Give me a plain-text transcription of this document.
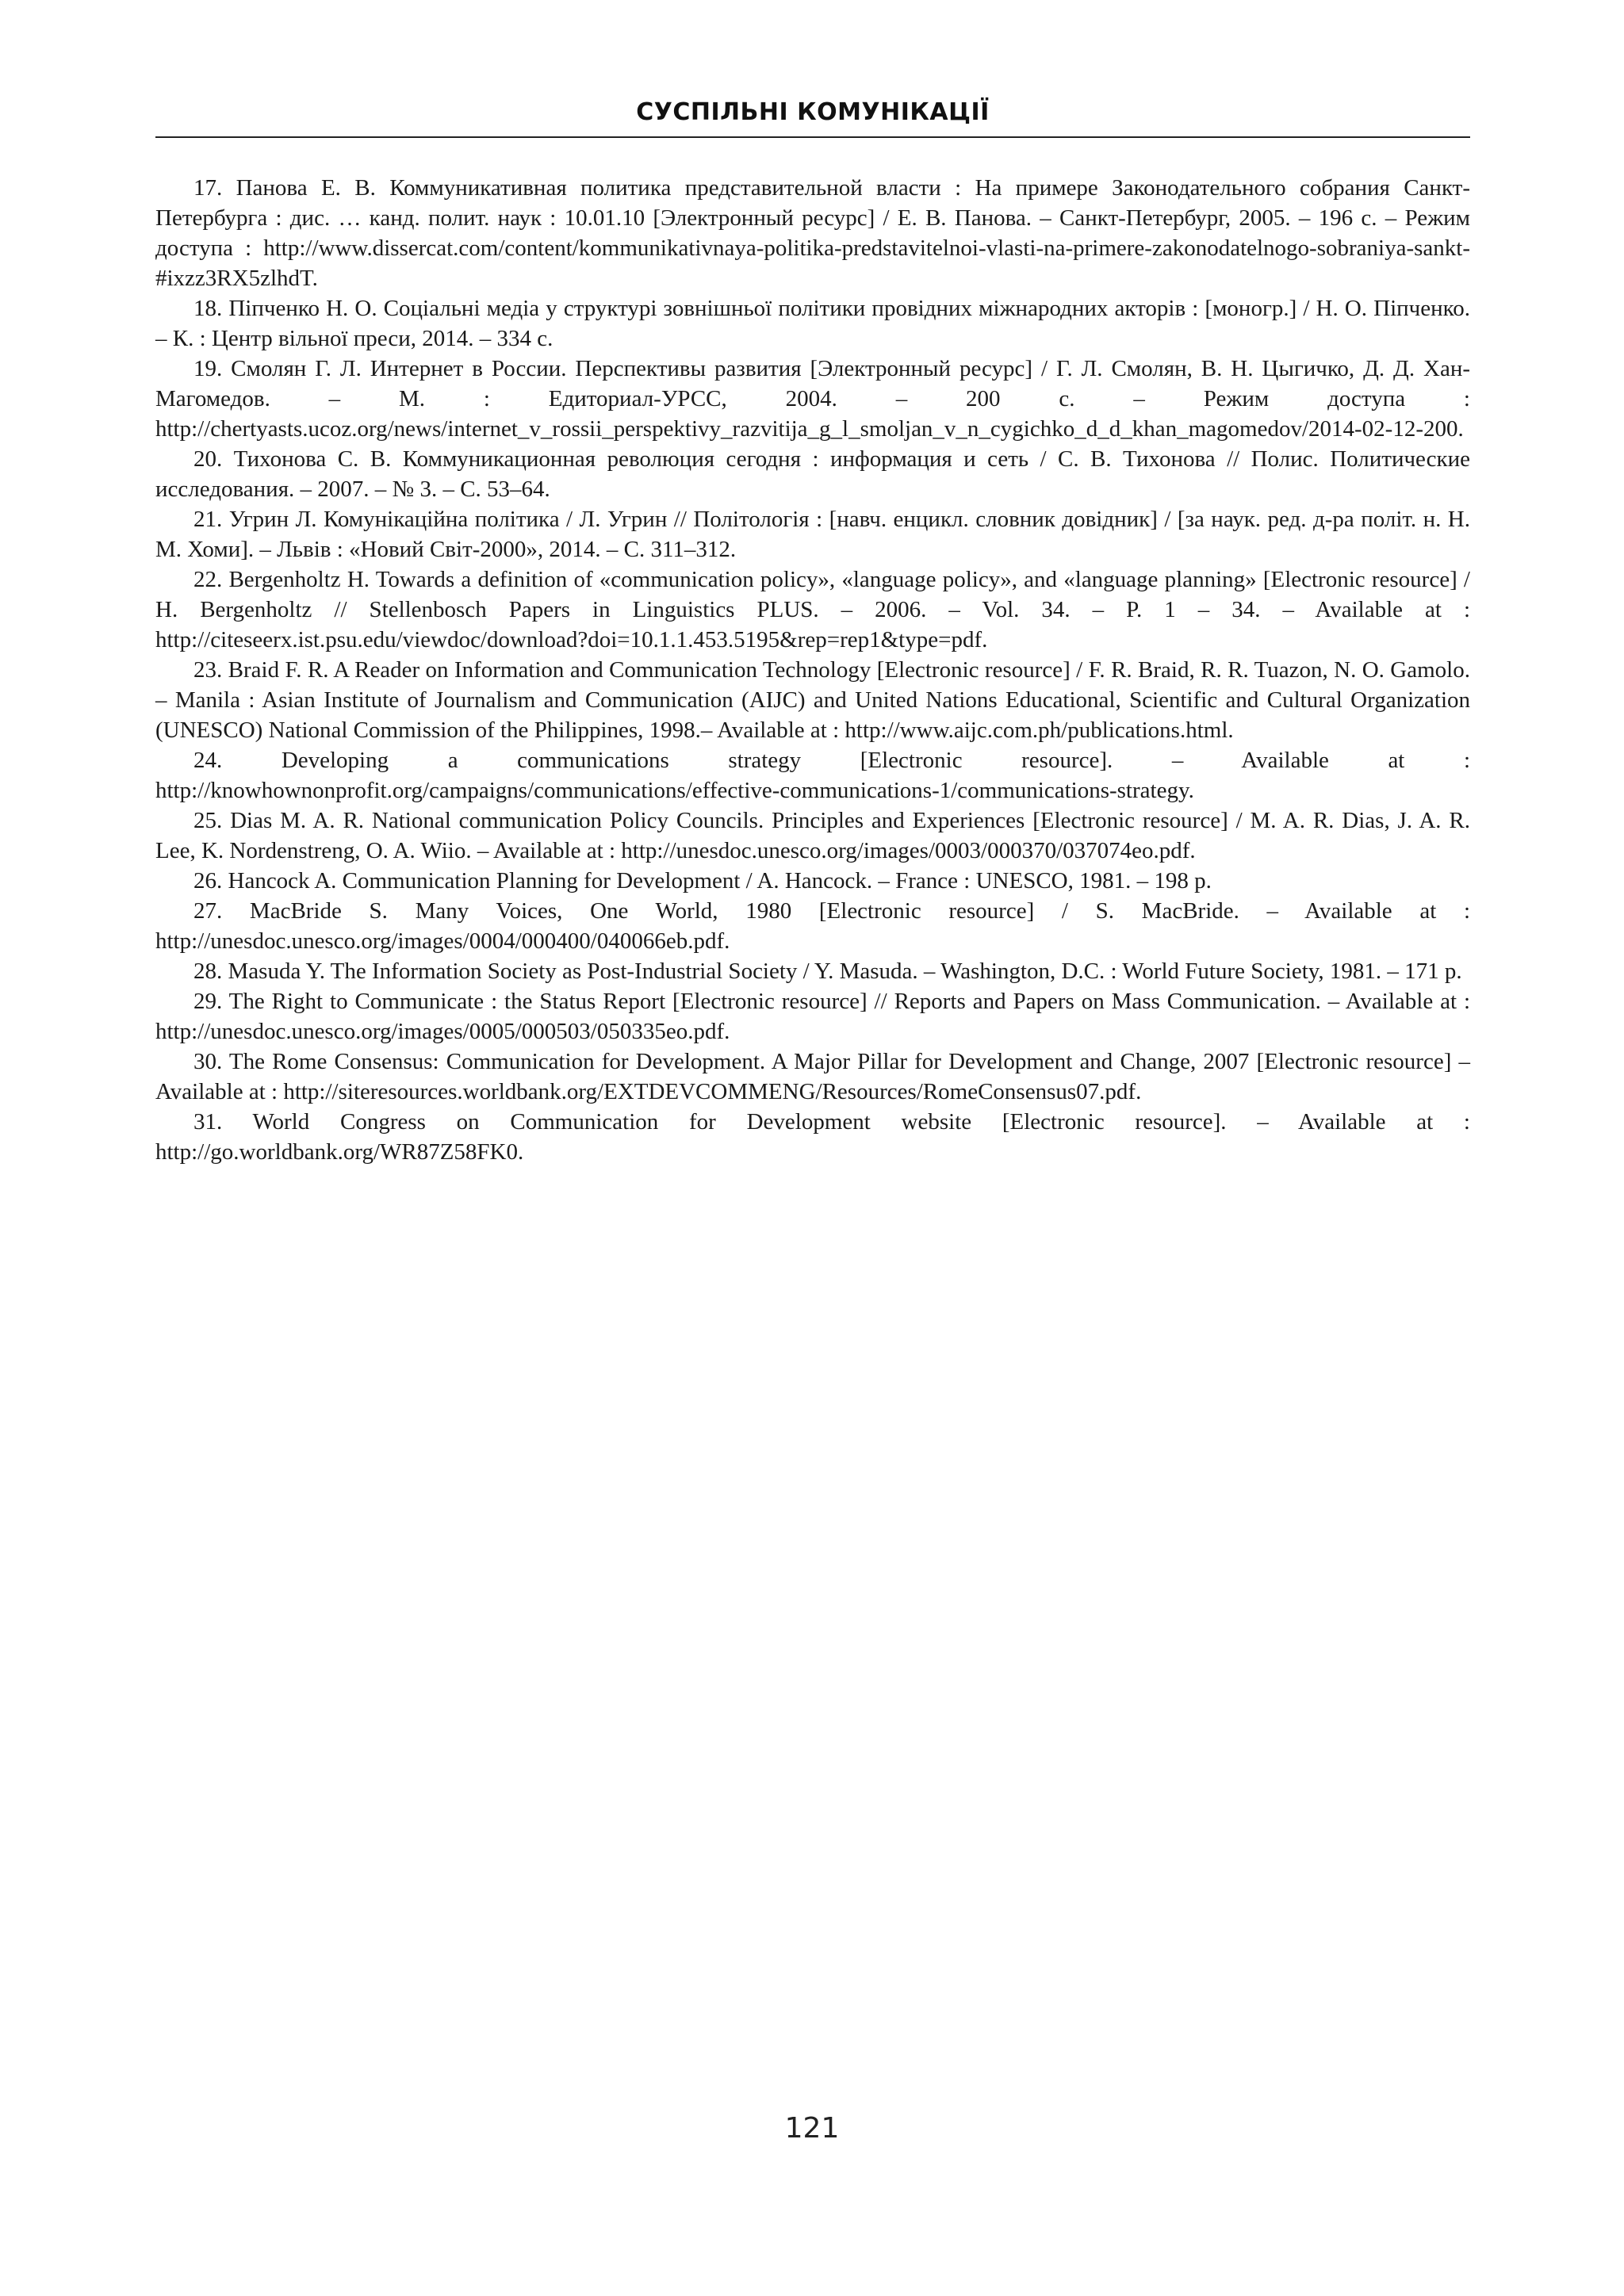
СУСПІЛЬНІ КОМУНІКАЦІЇ

17. Панова Е. В. Коммуникативная политика представительной власти : На примере Законодательного собрания Санкт-Петербурга : дис. … канд. полит. наук : 10.01.10 [Электронный ресурс] / Е. В. Панова. – Санкт-Петербург, 2005. – 196 с. – Режим доступа : http://www.dissercat.com/content/kommunikativnaya-politika-predstavitelnoi-vlasti-na-primere-zakonodatelnogo-sobraniya-sankt-#ixzz3RX5zlhdT.

18. Піпченко Н. О. Соціальні медіа у структурі зовнішньої політики провідних міжнародних акторів : [моногр.] / Н. О. Піпченко. – К. : Центр вільної преси, 2014. – 334 с.

19. Смолян Г. Л. Интернет в России. Перспективы развития [Электронный ресурс] / Г. Л. Смолян, В. Н. Цыгичко, Д. Д. Хан-Магомедов. – М. : Едиториал-УРСС, 2004. – 200 с. – Режим доступа : http://chertyasts.ucoz.org/news/internet_v_rossii_perspektivy_razvitija_g_l_smoljan_v_n_cygichko_d_d_khan_magomedov/2014-02-12-200.

20. Тихонова С. В. Коммуникационная революция сегодня : информация и сеть / С. В. Тихонова // Полис. Политические исследования. – 2007. – № 3. – С. 53–64.

21. Угрин Л. Комунікаційна політика / Л. Угрин // Політологія : [навч. енцикл. словник довідник] / [за наук. ред. д-ра політ. н. Н. М. Хоми]. – Львів : «Новий Світ-2000», 2014. – С. 311–312.

22. Bergenholtz H. Towards a definition of «communication policy», «language policy», and «language planning» [Electronic resource] / H. Bergenholtz // Stellenbosch Papers in Linguistics PLUS. – 2006. – Vol. 34. – P. 1 – 34. – Available at : http://citeseerx.ist.psu.edu/viewdoc/download?doi=10.1.1.453.5195&rep=rep1&type=pdf.

23. Braid F. R. A Reader on Information and Communication Technology [Electronic resource] / F. R. Braid, R. R. Tuazon, N. O. Gamolo. – Manila : Asian Institute of Journalism and Communication (AIJC) and United Nations Educational, Scientific and Cultural Organization (UNESCO) National Commission of the Philippines, 1998.– Available at : http://www.aijc.com.ph/publications.html.

24. Developing a communications strategy [Electronic resource]. – Available at : http://knowhownonprofit.org/campaigns/communications/effective-communications-1/communications-strategy.

25. Dias M. A. R. National communication Policy Councils. Principles and Experiences [Electronic resource] / M. A. R. Dias, J. A. R. Lee, K. Nordenstreng, O. A. Wiio. – Available at : http://unesdoc.unesco.org/images/0003/000370/037074eo.pdf.

26. Hancock A. Communication Planning for Development / A. Hancock. – France : UNESCO, 1981. – 198 p.

27. MacBride S. Many Voices, One World, 1980 [Electronic resource] / S. MacBride. – Available at : http://unesdoc.unesco.org/images/0004/000400/040066eb.pdf.

28. Masuda Y. The Information Society as Post-Industrial Society / Y. Masuda. – Washington, D.C. : World Future Society, 1981. – 171 p.

29. The Right to Communicate : the Status Report [Electronic resource] // Reports and Papers on Mass Communication. – Available at : http://unesdoc.unesco.org/images/0005/000503/050335eo.pdf.

30. The Rome Consensus: Communication for Development. A Major Pillar for Development and Change, 2007 [Electronic resource] – Available at : http://siteresources.worldbank.org/EXTDEVCOMMENG/Resources/RomeConsensus07.pdf.

31. World Congress on Communication for Development website [Electronic resource]. – Available at : http://go.worldbank.org/WR87Z58FK0.

121
